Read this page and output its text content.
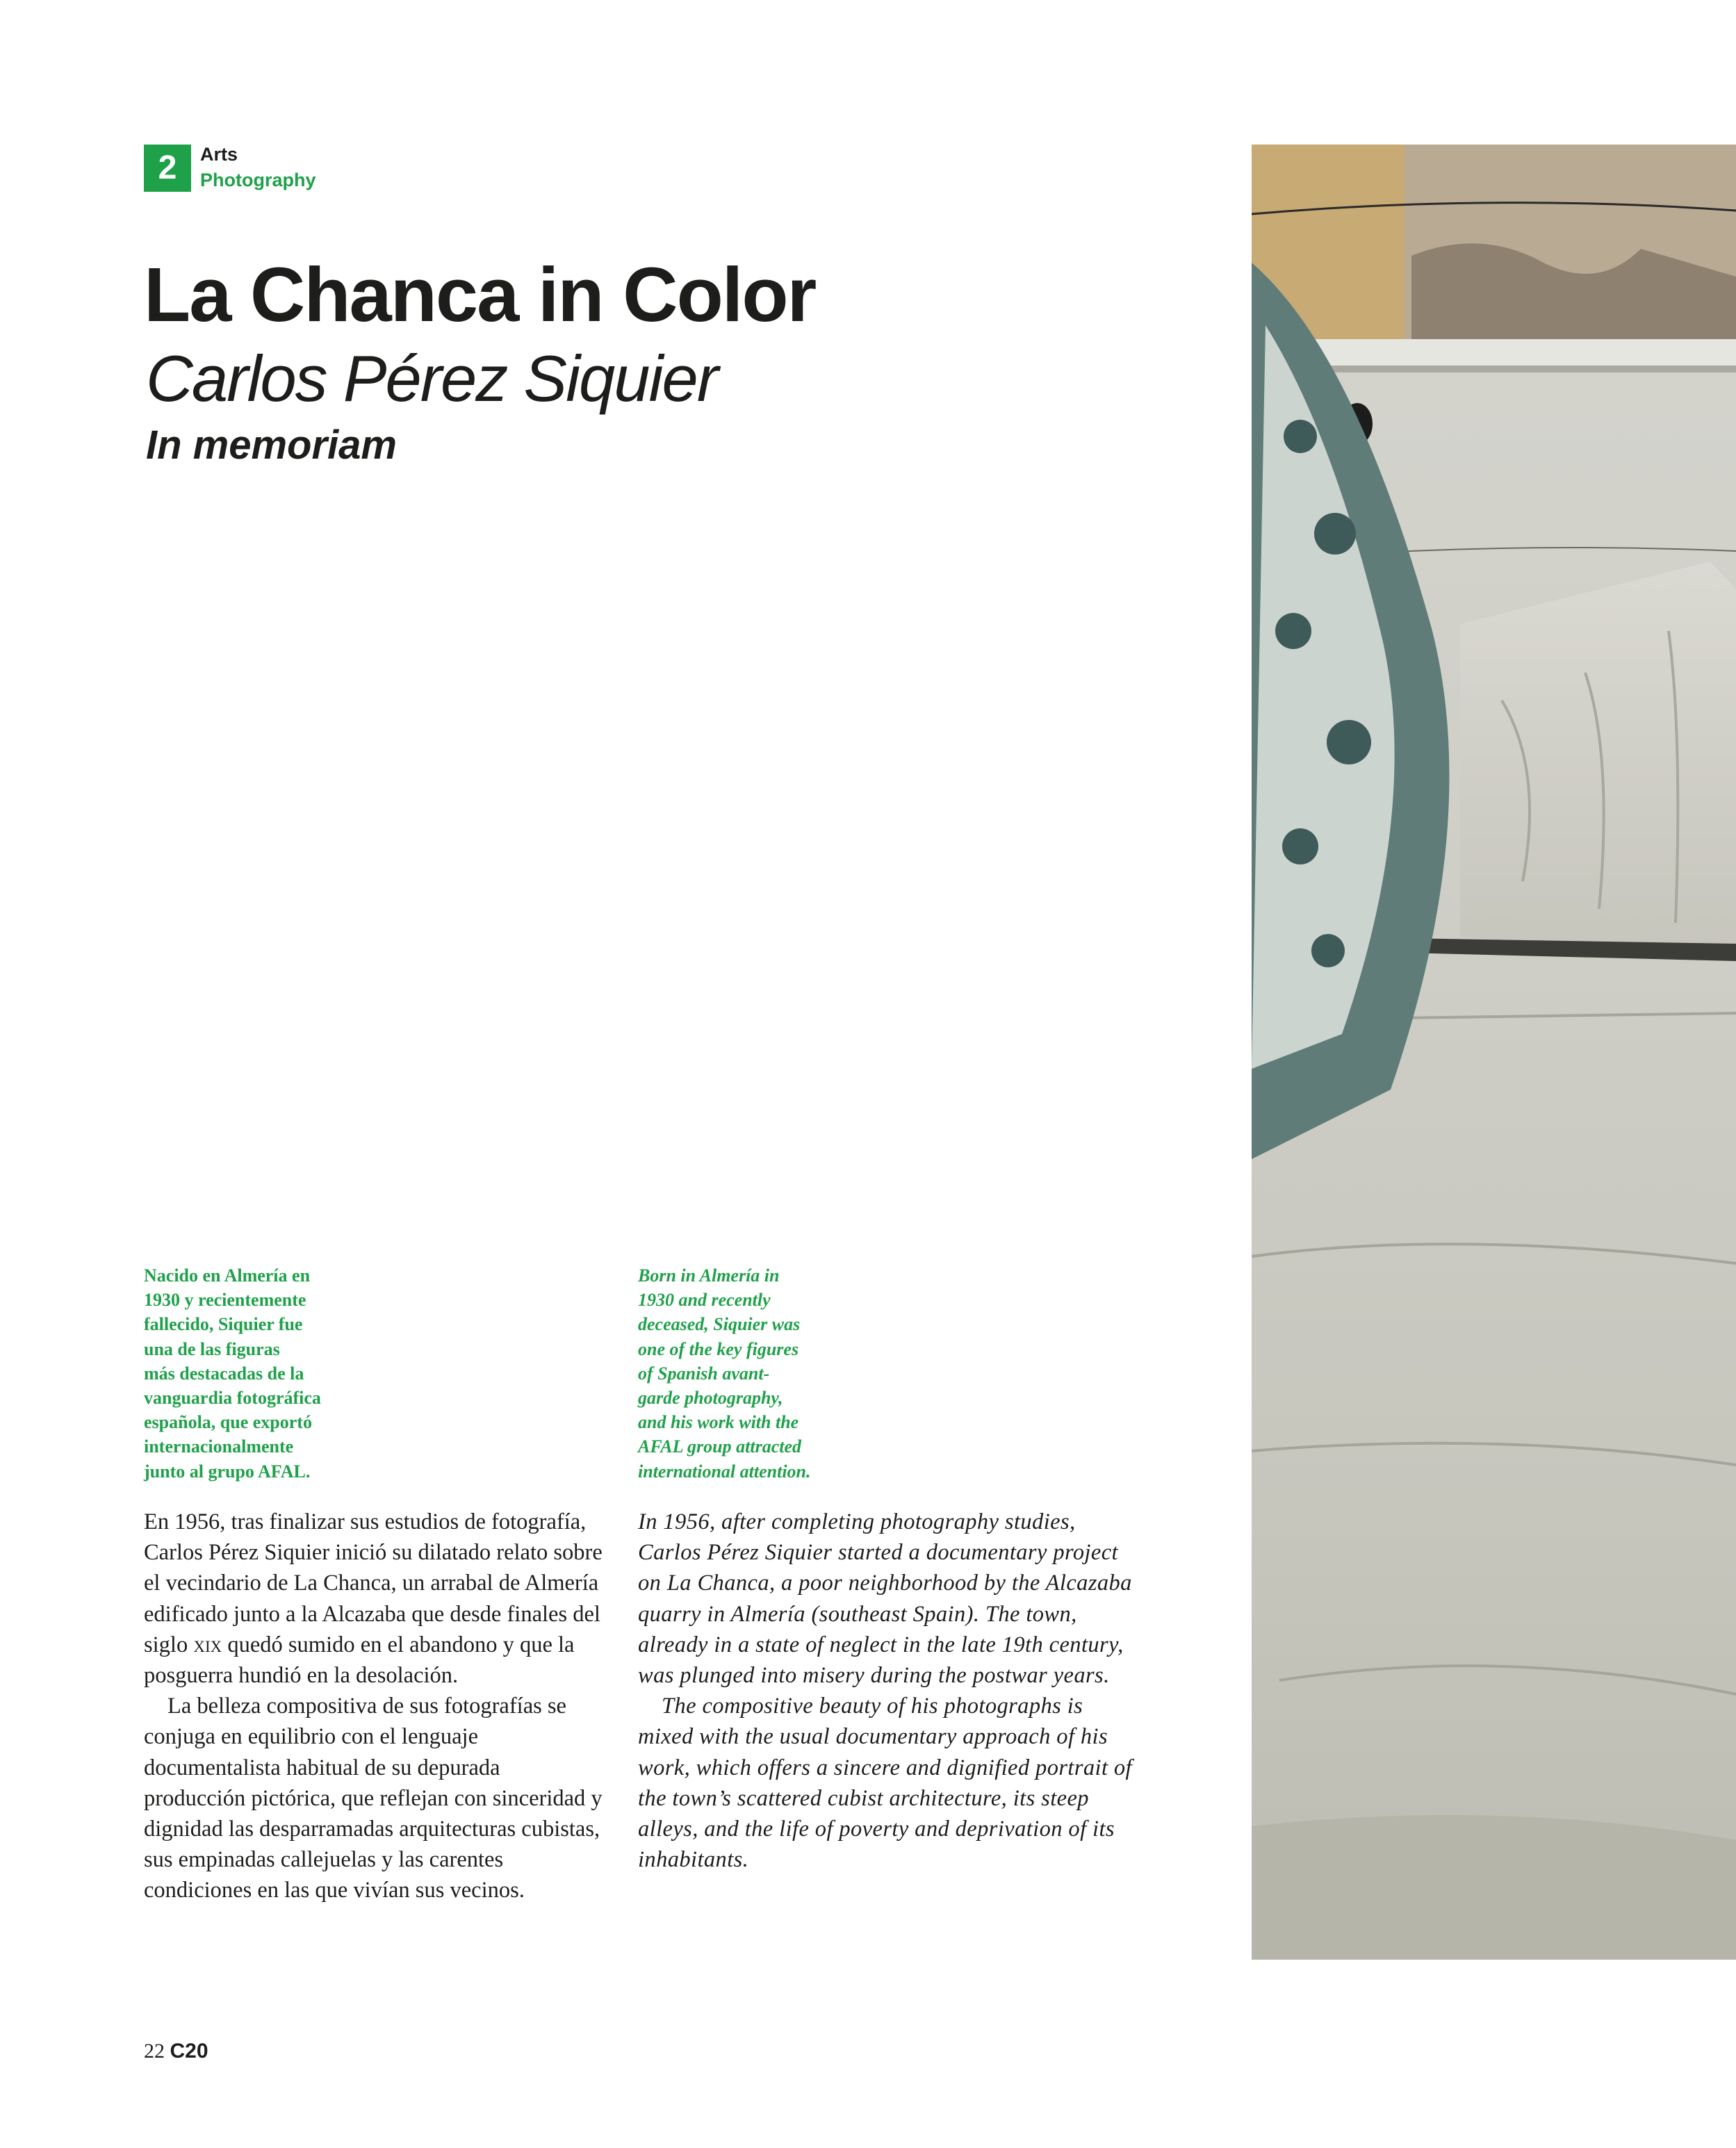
2	Arts
Photography
La Chanca in Color
Carlos Pérez Siquier
In memoriam

Nacido en Almería en

1930 y recientemente

fallecido, Siquier fue

una de las figuras

más destacadas de la

vanguardia fotográfica

española, que exportó

internacionalmente

junto al grupo AFAL.

Born in Almería in

1930 and recently

deceased, Siquier was

one of the key figures

of Spanish avant-

garde photography,

and his work with the

AFAL group attracted

international attention.

En 1956, tras finalizar sus estudios de fotografía, Carlos Pérez Siquier inició su dilatado relato sobre el vecindario de La Chanca, un arrabal de Almería edificado junto a la Alcazaba que desde finales del siglo xix quedó sumido en el abandono y que la posguerra hundió en la desolación.

La belleza compositiva de sus fotografías se conjuga en equilibrio con el lenguaje documentalista habitual de su depurada producción pictórica, que reflejan con sinceridad y dignidad las desparramadas arquitecturas cubistas, sus empinadas callejuelas y las carentes condiciones en las que vivían sus vecinos.

In 1956, after completing photography studies, Carlos Pérez Siquier started a documentary project on La Chanca, a poor neighborhood by the Alcazaba quarry in Almería (southeast Spain). The town, already in a state of neglect in the late 19th century, was plunged into misery during the postwar years.

The compositive beauty of his photographs is mixed with the usual documentary approach of his work, which offers a sincere and dignified portrait of the town’s scattered cubist architecture, its steep alleys, and the life of poverty and deprivation of its inhabitants.

22 C20
